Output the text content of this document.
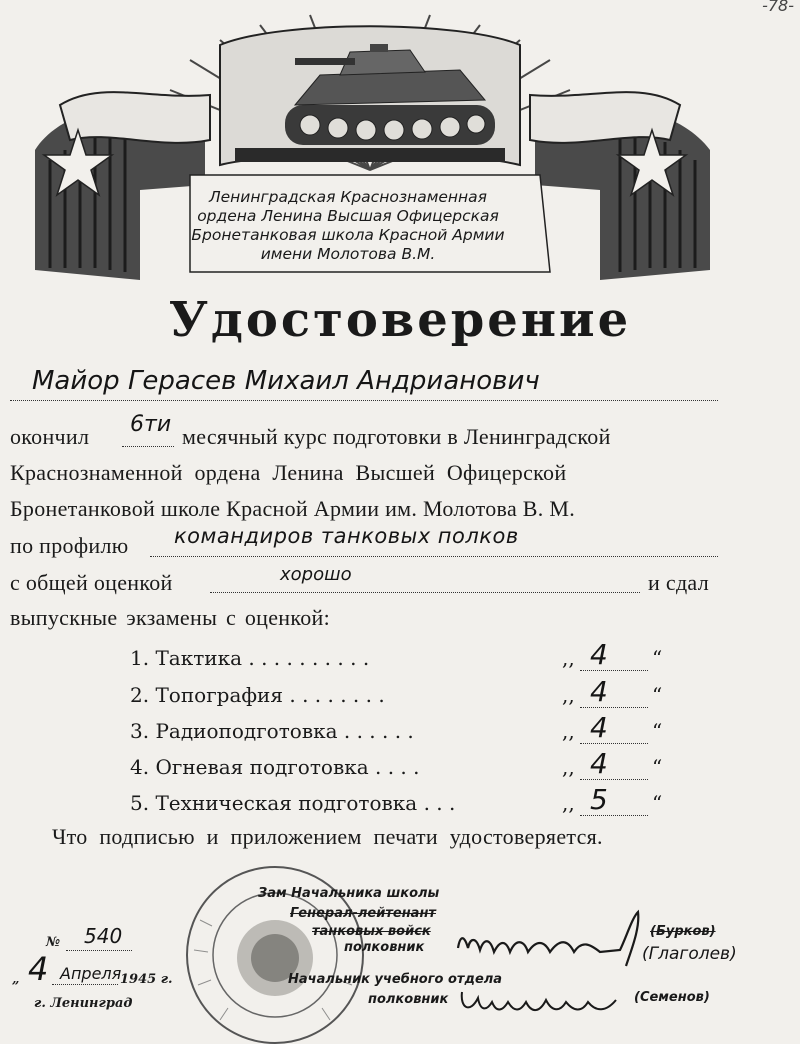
-78-
Ленинградская Краснознаменная
ордена Ленина Высшая Офицерская
Бронетанковая школа Красной Армии
имени Молотова В.М.
Удостоверение
Майор Герасев Михаил Андрианович
окончил 6ти месячный курс подготовки в Ленинградской
Краснознаменной ордена Ленина Высшей Офицерской
Бронетанковой школе Красной Армии им. Молотова В. М.
по профилю командиров танковых полков
с общей оценкой	хорошо	и сдал
выпускные экзамены с оценкой:
1. Тактика . . . . . . . . . .	,, 4 “
2. Топография . . . . . . . .	,, 4 “
3. Радиоподготовка . . . . . .	,, 4 “
4. Огневая подготовка . . . .	,, 4 “
5. Техническая подготовка . . .	,, 5 “
Что подписью и приложением печати удостоверяется.
№ 540
„ 4 Апреля
1945 г.
г. Ленинград
Зам Начальника школы
Генерал-лейтенант
танковых войск
полковник
(Бурков)
(Глаголев)
Начальник учебного отдела
полковник	(Семенов)
